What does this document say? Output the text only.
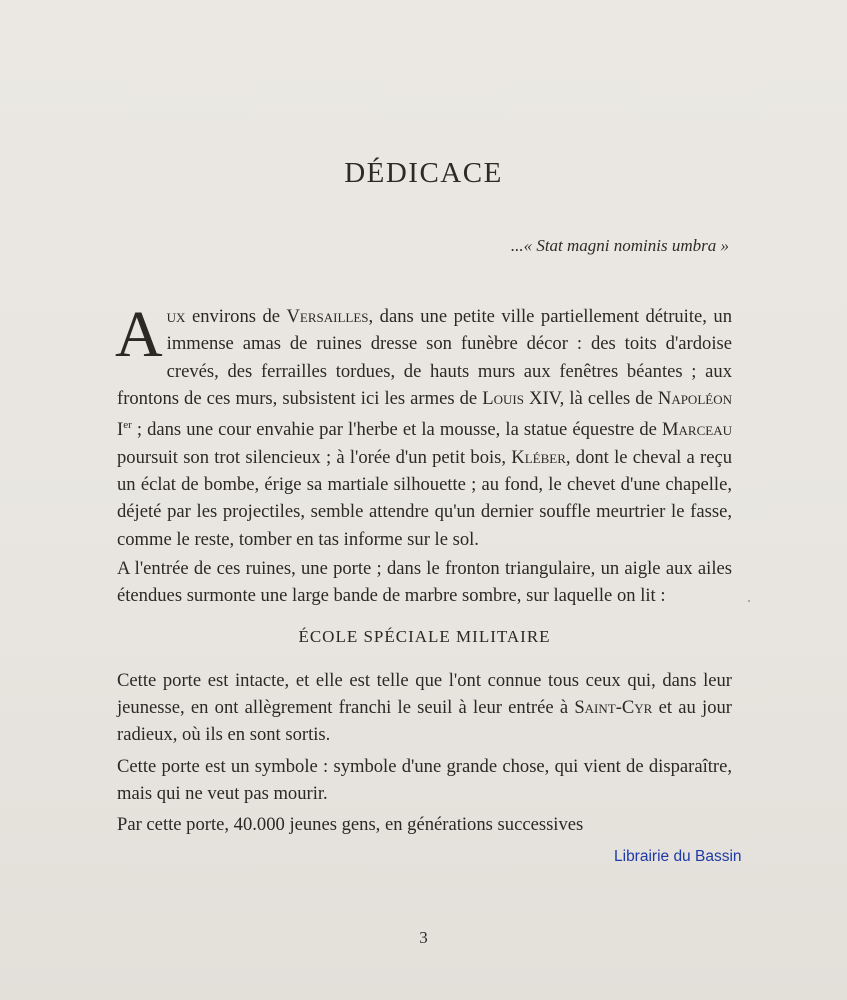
DÉDICACE
...« Stat magni nominis umbra »

Aux environs de Versailles, dans une petite ville partiellement détruite, un immense amas de ruines dresse son funèbre décor : des toits d'ardoise crevés, des ferrailles tordues, de hauts murs aux fenêtres béantes ; aux frontons de ces murs, subsistent ici les armes de Louis XIV, là celles de Napoléon Ier ; dans une cour envahie par l'herbe et la mousse, la statue équestre de Marceau poursuit son trot silencieux ; à l'orée d'un petit bois, Kléber, dont le cheval a reçu un éclat de bombe, érige sa martiale silhouette ; au fond, le chevet d'une chapelle, déjeté par les projectiles, semble attendre qu'un dernier souffle meurtrier le fasse, comme le reste, tomber en tas informe sur le sol.

A l'entrée de ces ruines, une porte ; dans le fronton triangulaire, un aigle aux ailes étendues surmonte une large bande de marbre sombre, sur laquelle on lit :

ÉCOLE SPÉCIALE MILITAIRE

Cette porte est intacte, et elle est telle que l'ont connue tous ceux qui, dans leur jeunesse, en ont allègrement franchi le seuil à leur entrée à Saint-Cyr et au jour radieux, où ils en sont sortis.

Cette porte est un symbole : symbole d'une grande chose, qui vient de disparaître, mais qui ne veut pas mourir.

Par cette porte, 40.000 jeunes gens, en générations successives

Librairie du Bassin
3
